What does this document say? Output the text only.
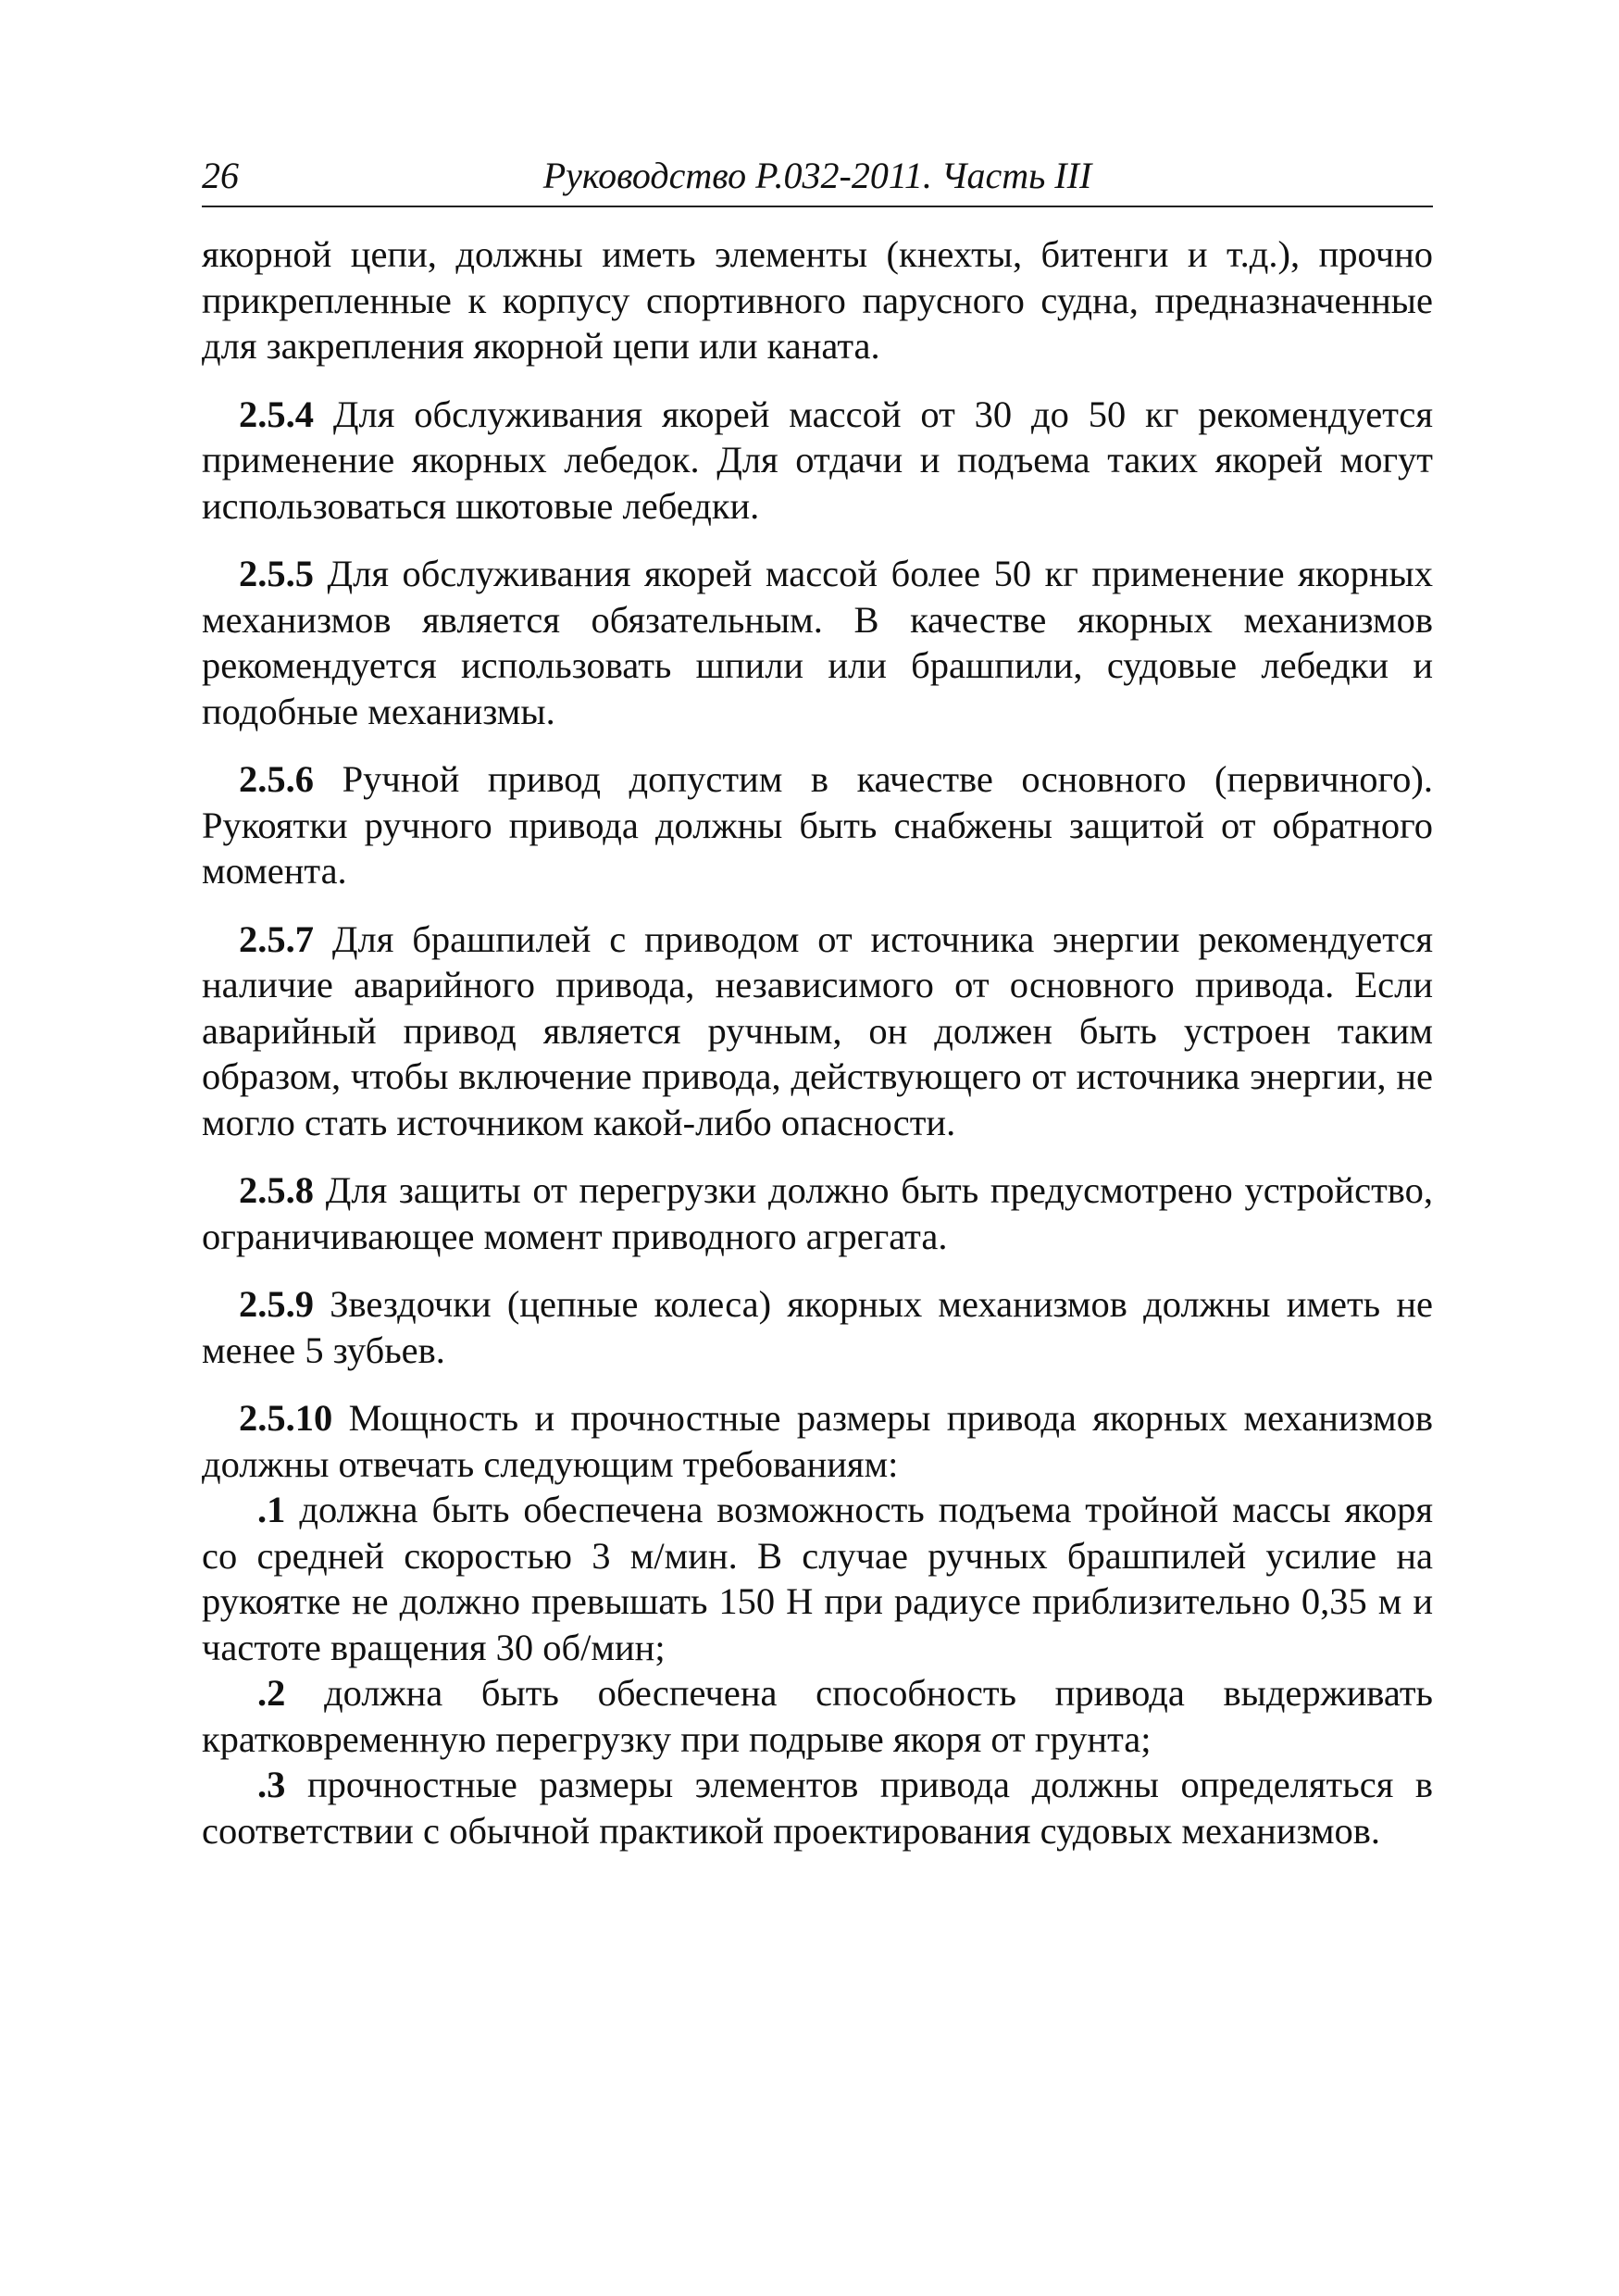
26	Руководство Р.032-2011. Часть III

якорной цепи, должны иметь элементы (кнехты, битенги и т.д.), прочно прикрепленные к корпусу спортивного парусного судна, предназначенные для закрепления якорной цепи или каната.

2.5.4 Для обслуживания якорей массой от 30 до 50 кг рекомендуется применение якорных лебедок. Для отдачи и подъема таких якорей могут использоваться шкотовые лебедки.

2.5.5 Для обслуживания якорей массой более 50 кг применение якорных механизмов является обязательным. В качестве якорных механизмов рекомендуется использовать шпили или брашпили, судовые лебедки и подобные механизмы.

2.5.6 Ручной привод допустим в качестве основного (первичного). Рукоятки ручного привода должны быть снабжены защитой от обратного момента.

2.5.7 Для брашпилей с приводом от источника энергии рекомендуется наличие аварийного привода, независимого от основного привода. Если аварийный привод является ручным, он должен быть устроен таким образом, чтобы включение привода, действующего от источника энергии, не могло стать источником какой-либо опасности.

2.5.8 Для защиты от перегрузки должно быть предусмотрено устройство, ограничивающее момент приводного агрегата.

2.5.9 Звездочки (цепные колеса) якорных механизмов должны иметь не менее 5 зубьев.

2.5.10 Мощность и прочностные размеры привода якорных механизмов должны отвечать следующим требованиям:

.1 должна быть обеспечена возможность подъема тройной массы якоря со средней скоростью 3 м/мин. В случае ручных брашпилей усилие на рукоятке не должно превышать 150 Н при радиусе приблизительно 0,35 м и частоте вращения 30 об/мин;

.2 должна быть обеспечена способность привода выдерживать кратковременную перегрузку при подрыве якоря от грунта;

.3 прочностные размеры элементов привода должны определяться в соответствии с обычной практикой проектирования судовых механизмов.
